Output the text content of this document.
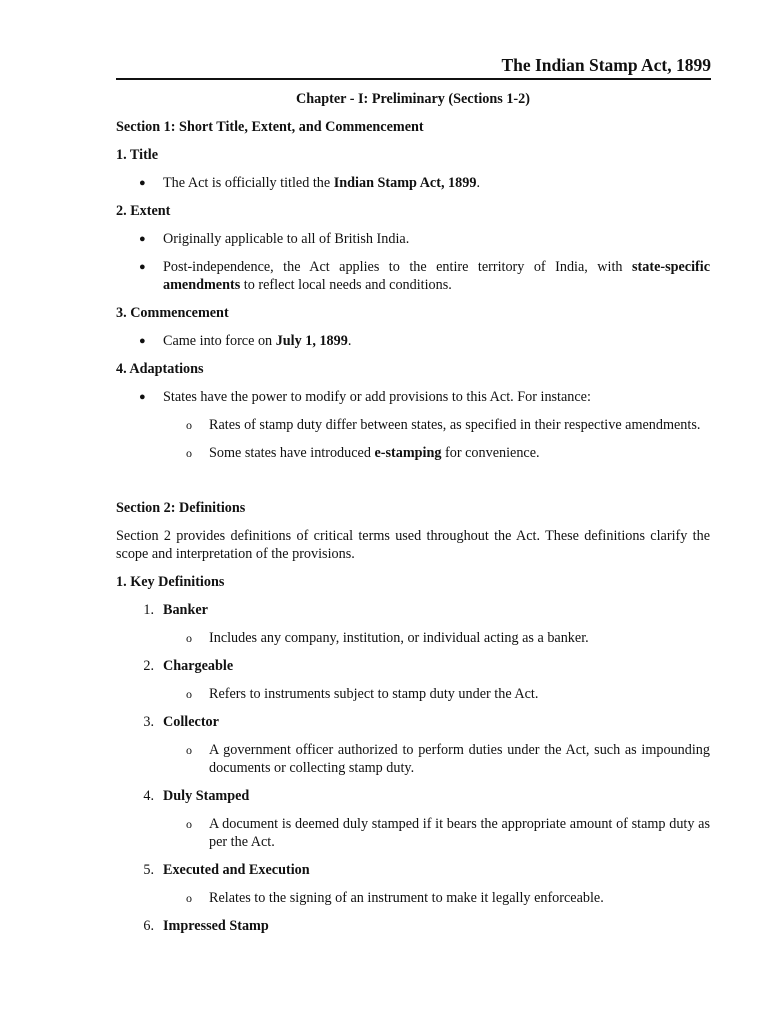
The Indian Stamp Act, 1899
Chapter - I: Preliminary (Sections 1-2)
Section 1: Short Title, Extent, and Commencement
1. Title
● The Act is officially titled the Indian Stamp Act, 1899.
2. Extent
● Originally applicable to all of British India.
● Post-independence, the Act applies to the entire territory of India, with state-specific amendments to reflect local needs and conditions.
3. Commencement
● Came into force on July 1, 1899.
4. Adaptations
● States have the power to modify or add provisions to this Act. For instance:
o Rates of stamp duty differ between states, as specified in their respective amendments.
o Some states have introduced e-stamping for convenience.
Section 2: Definitions
Section 2 provides definitions of critical terms used throughout the Act. These definitions clarify the scope and interpretation of the provisions.
1. Key Definitions
1. Banker
o Includes any company, institution, or individual acting as a banker.
2. Chargeable
o Refers to instruments subject to stamp duty under the Act.
3. Collector
o A government officer authorized to perform duties under the Act, such as impounding documents or collecting stamp duty.
4. Duly Stamped
o A document is deemed duly stamped if it bears the appropriate amount of stamp duty as per the Act.
5. Executed and Execution
o Relates to the signing of an instrument to make it legally enforceable.
6. Impressed Stamp
